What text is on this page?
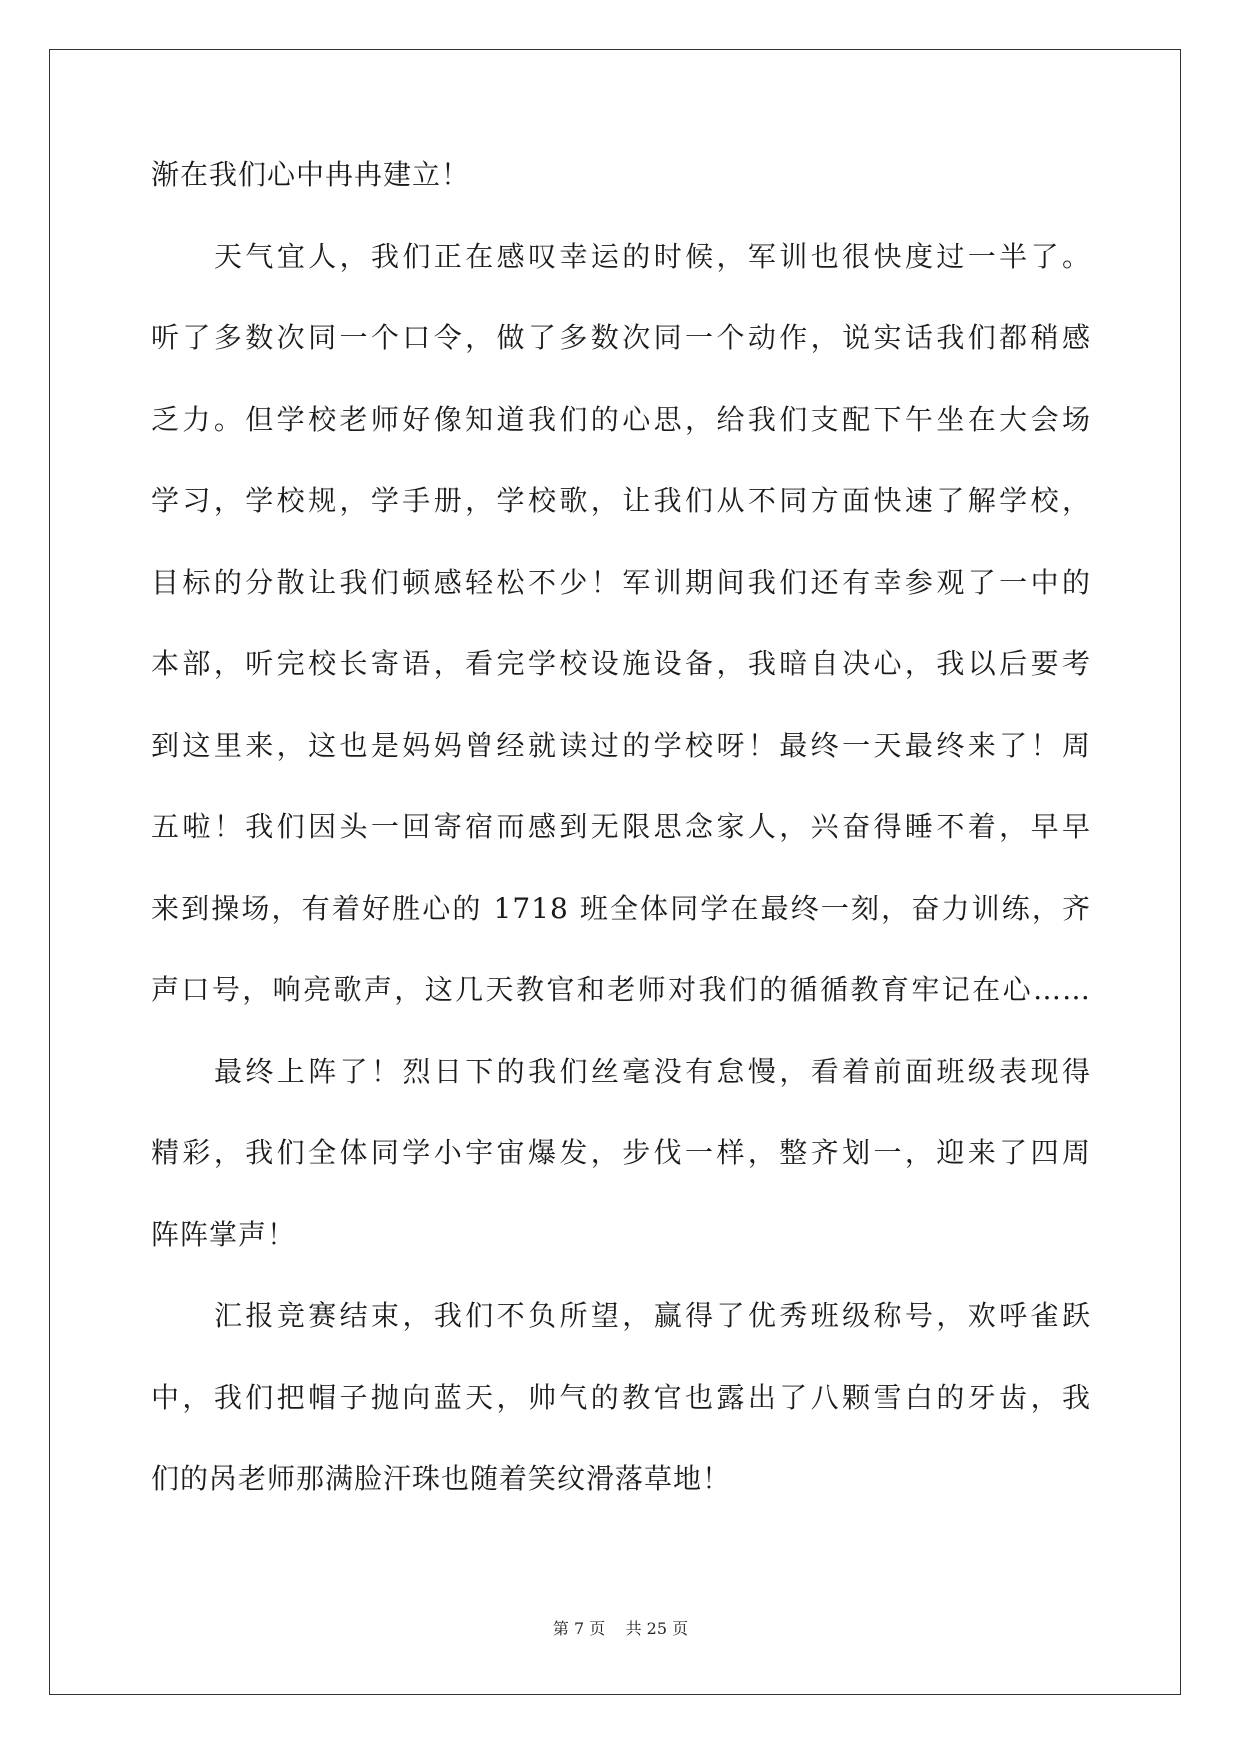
渐在我们心中冉冉建立！
天气宜人，我们正在感叹幸运的时候，军训也很快度过一半了。
听了多数次同一个口令，做了多数次同一个动作，说实话我们都稍感
乏力。但学校老师好像知道我们的心思，给我们支配下午坐在大会场
学习，学校规，学手册，学校歌，让我们从不同方面快速了解学校，
目标的分散让我们顿感轻松不少！军训期间我们还有幸参观了一中的
本部，听完校长寄语，看完学校设施设备，我暗自决心，我以后要考
到这里来，这也是妈妈曾经就读过的学校呀！最终一天最终来了！周
五啦！我们因头一回寄宿而感到无限思念家人，兴奋得睡不着，早早
来到操场，有着好胜心的 1718 班全体同学在最终一刻，奋力训练，齐
声口号，响亮歌声，这几天教官和老师对我们的循循教育牢记在心……
最终上阵了！烈日下的我们丝毫没有怠慢，看着前面班级表现得
精彩，我们全体同学小宇宙爆发，步伐一样，整齐划一，迎来了四周
阵阵掌声！
汇报竞赛结束，我们不负所望，赢得了优秀班级称号，欢呼雀跃
中，我们把帽子抛向蓝天，帅气的教官也露出了八颗雪白的牙齿，我
们的呙老师那满脸汗珠也随着笑纹滑落草地！
第 7 页 共 25 页
